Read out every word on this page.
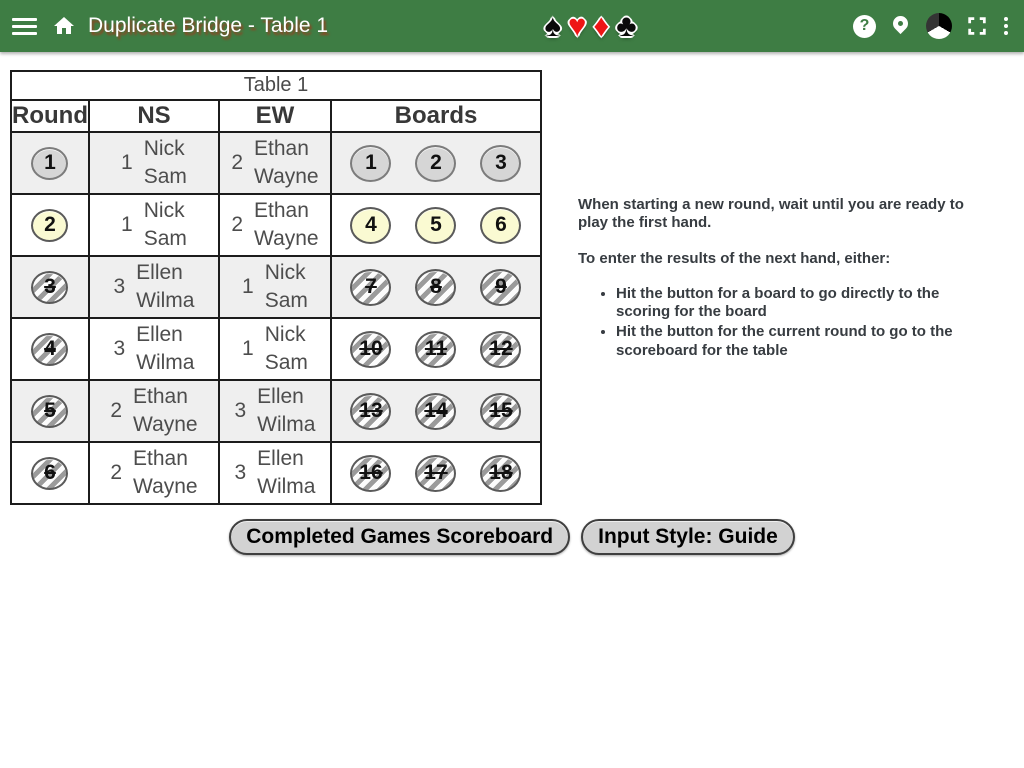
Duplicate Bridge - Table 1	♠ ♥ ♦ ♣	?
Table 1			
Round	NS	EW	Boards

1	1
Nick
Sam	2
Ethan
Wayne	1 2 3

2	1
Nick
Sam	2
Ethan
Wayne	4 5 6

3	3
Ellen
Wilma	1
Nick
Sam	7 8 9

4	3
Ellen
Wilma	1
Nick
Sam	10 11 12

5	2
Ethan
Wayne	3
Ellen
Wilma	13 14 15

6	2
Ethan
Wayne	3
Ellen
Wilma	16 17 18

When starting a new round, wait until you are ready to play the first hand.

To enter the results of the next hand, either:

• Hit the button for a board to go directly to the scoring for the board
• Hit the button for the current round to go to the scoreboard for the table
Completed Games Scoreboard	Input Style: Guide
